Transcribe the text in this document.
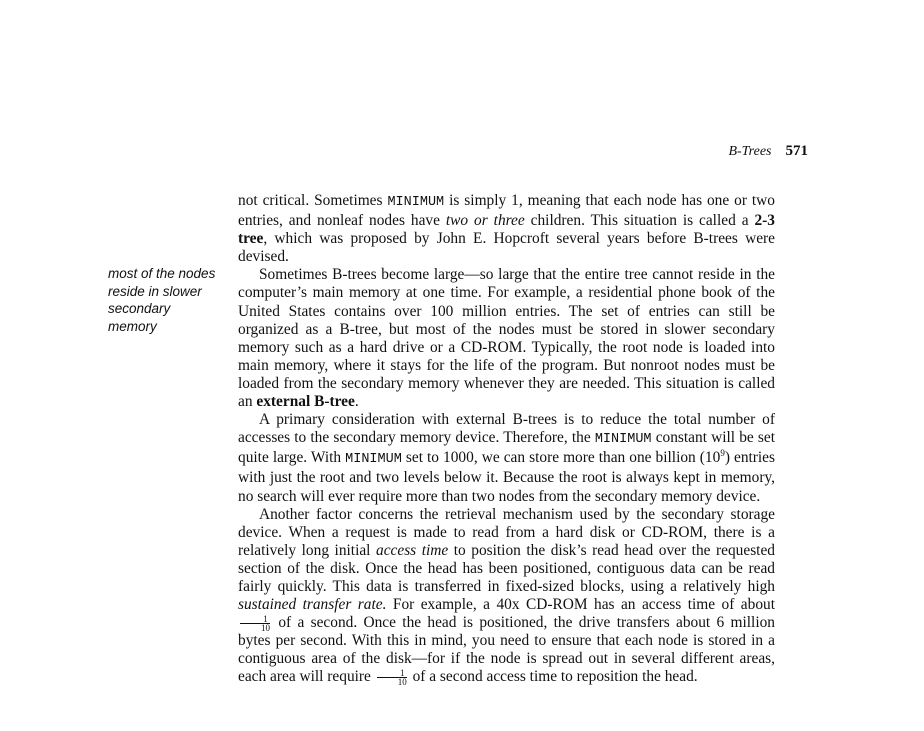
B-Trees 571
most of the nodes reside in slower secondary memory

not critical. Sometimes MINIMUM is simply 1, meaning that each node has one or two entries, and nonleaf nodes have two or three children. This situation is called a 2-3 tree, which was proposed by John E. Hopcroft several years before B-trees were devised.

Sometimes B-trees become large—so large that the entire tree cannot reside in the computer’s main memory at one time. For example, a residential phone book of the United States contains over 100 million entries. The set of entries can still be organized as a B-tree, but most of the nodes must be stored in slower secondary memory such as a hard drive or a CD-ROM. Typically, the root node is loaded into main memory, where it stays for the life of the program. But nonroot nodes must be loaded from the secondary memory whenever they are needed. This situation is called an external B-tree.

A primary consideration with external B-trees is to reduce the total number of accesses to the secondary memory device. Therefore, the MINIMUM constant will be set quite large. With MINIMUM set to 1000, we can store more than one billion $(10^9)$ entries with just the root and two levels below it. Because the root is always kept in memory, no search will ever require more than two nodes from the secondary memory device.

Another factor concerns the retrieval mechanism used by the secondary storage device. When a request is made to read from a hard disk or CD-ROM, there is a relatively long initial access time to position the disk’s read head over the requested section of the disk. Once the head has been positioned, contiguous data can be read fairly quickly. This data is transferred in fixed-sized blocks, using a relatively high sustained transfer rate. For example, a 40x CD-ROM has an access time of about
$\frac{1}{10}$ of a second. Once the head is positioned, the drive transfers about 6 million bytes per second. With this in mind, you need to ensure that each node is stored in a contiguous area of the disk—for if the node is spread out in several different areas, each area will require $\frac{1}{10}$ of a second access time to reposition the head.
